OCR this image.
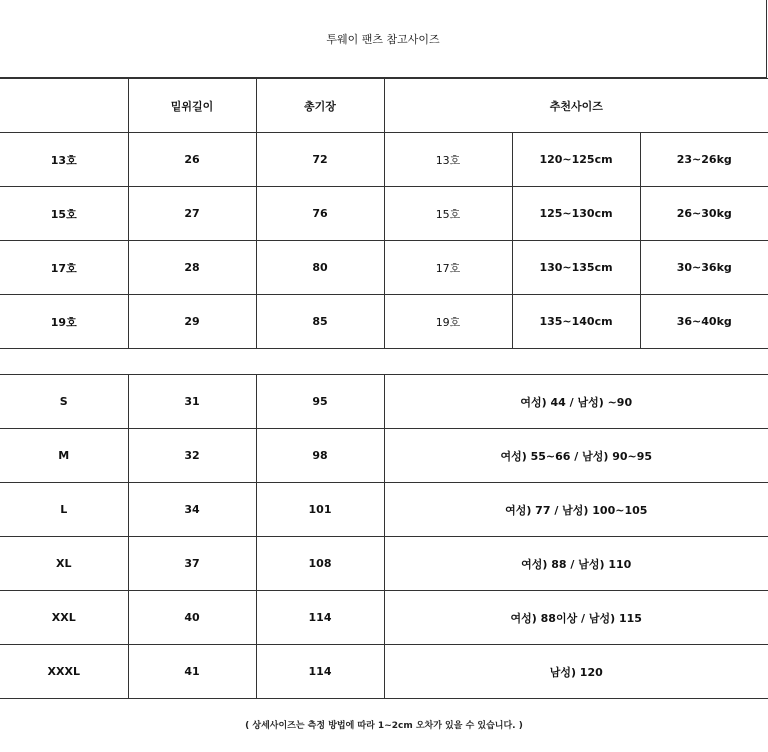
투웨이 팬츠 참고사이즈
	밑위길이	총기장	추천사이즈		
13호	26	72	13호	120~125cm	23~26kg
15호	27	76	15호	125~130cm	26~30kg
17호	28	80	17호	130~135cm	30~36kg
19호	29	85	19호	135~140cm	36~40kg
S	31	95	여성) 44 / 남성) ~90
M	32	98	여성) 55~66 / 남성) 90~95
L	34	101	여성) 77 / 남성) 100~105
XL	37	108	여성) 88 / 남성) 110
XXL	40	114	여성) 88이상 / 남성) 115
XXXL	41	114	남성) 120
( 상세사이즈는 측정 방법에 따라 1~2cm 오차가 있을 수 있습니다. )
